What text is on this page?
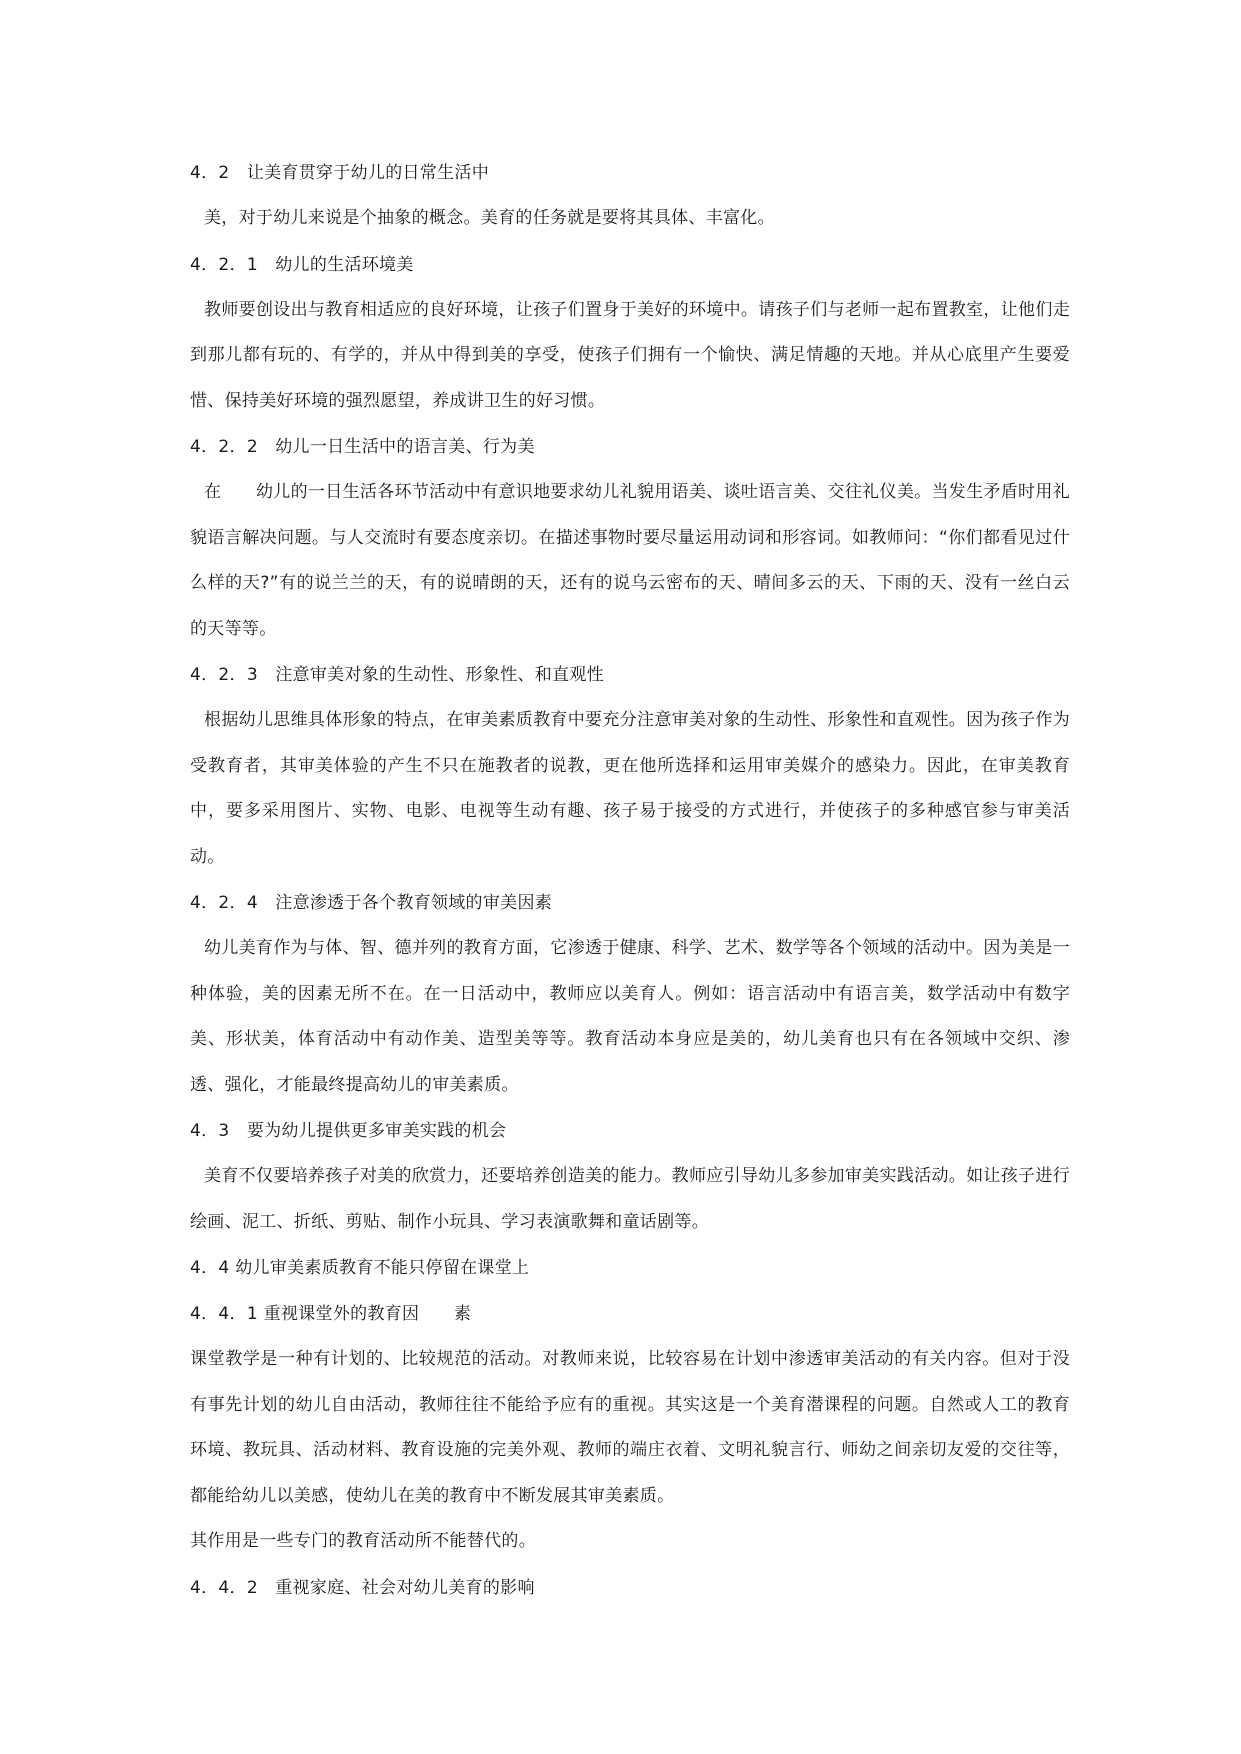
4．2　让美育贯穿于幼儿的日常生活中

美，对于幼儿来说是个抽象的概念。美育的任务就是要将其具体、丰富化。

4．2．1　幼儿的生活环境美

教师要创设出与教育相适应的良好环境，让孩子们置身于美好的环境中。请孩子们与老师一起布置教室，让他们走到那儿都有玩的、有学的，并从中得到美的享受，使孩子们拥有一个愉快、满足情趣的天地。并从心底里产生要爱惜、保持美好环境的强烈愿望，养成讲卫生的好习惯。

4．2．2　幼儿一日生活中的语言美、行为美

在　　幼儿的一日生活各环节活动中有意识地要求幼儿礼貌用语美、谈吐语言美、交往礼仪美。当发生矛盾时用礼貌语言解决问题。与人交流时有要态度亲切。在描述事物时要尽量运用动词和形容词。如教师问：“你们都看见过什么样的天?”有的说兰兰的天，有的说晴朗的天，还有的说乌云密布的天、晴间多云的天、下雨的天、没有一丝白云的天等等。

4．2．3　注意审美对象的生动性、形象性、和直观性

根据幼儿思维具体形象的特点，在审美素质教育中要充分注意审美对象的生动性、形象性和直观性。因为孩子作为受教育者，其审美体验的产生不只在施教者的说教，更在他所选择和运用审美媒介的感染力。因此，在审美教育中，要多采用图片、实物、电影、电视等生动有趣、孩子易于接受的方式进行，并使孩子的多种感官参与审美活动。

4．2．4　注意渗透于各个教育领域的审美因素

幼儿美育作为与体、智、德并列的教育方面，它渗透于健康、科学、艺术、数学等各个领域的活动中。因为美是一种体验，美的因素无所不在。在一日活动中，教师应以美育人。例如：语言活动中有语言美，数学活动中有数字美、形状美，体育活动中有动作美、造型美等等。教育活动本身应是美的，幼儿美育也只有在各领域中交织、渗透、强化，才能最终提高幼儿的审美素质。

4．3　要为幼儿提供更多审美实践的机会

美育不仅要培养孩子对美的欣赏力，还要培养创造美的能力。教师应引导幼儿多参加审美实践活动。如让孩子进行绘画、泥工、折纸、剪贴、制作小玩具、学习表演歌舞和童话剧等。

4．4 幼儿审美素质教育不能只停留在课堂上
4．4．1 重视课堂外的教育因　　素

课堂教学是一种有计划的、比较规范的活动。对教师来说，比较容易在计划中渗透审美活动的有关内容。但对于没有事先计划的幼儿自由活动，教师往往不能给予应有的重视。其实这是一个美育潜课程的问题。自然或人工的教育环境、教玩具、活动材料、教育设施的完美外观、教师的端庄衣着、文明礼貌言行、师幼之间亲切友爱的交往等，都能给幼儿以美感，使幼儿在美的教育中不断发展其审美素质。

其作用是一些专门的教育活动所不能替代的。

4．4．2　重视家庭、社会对幼儿美育的影响
